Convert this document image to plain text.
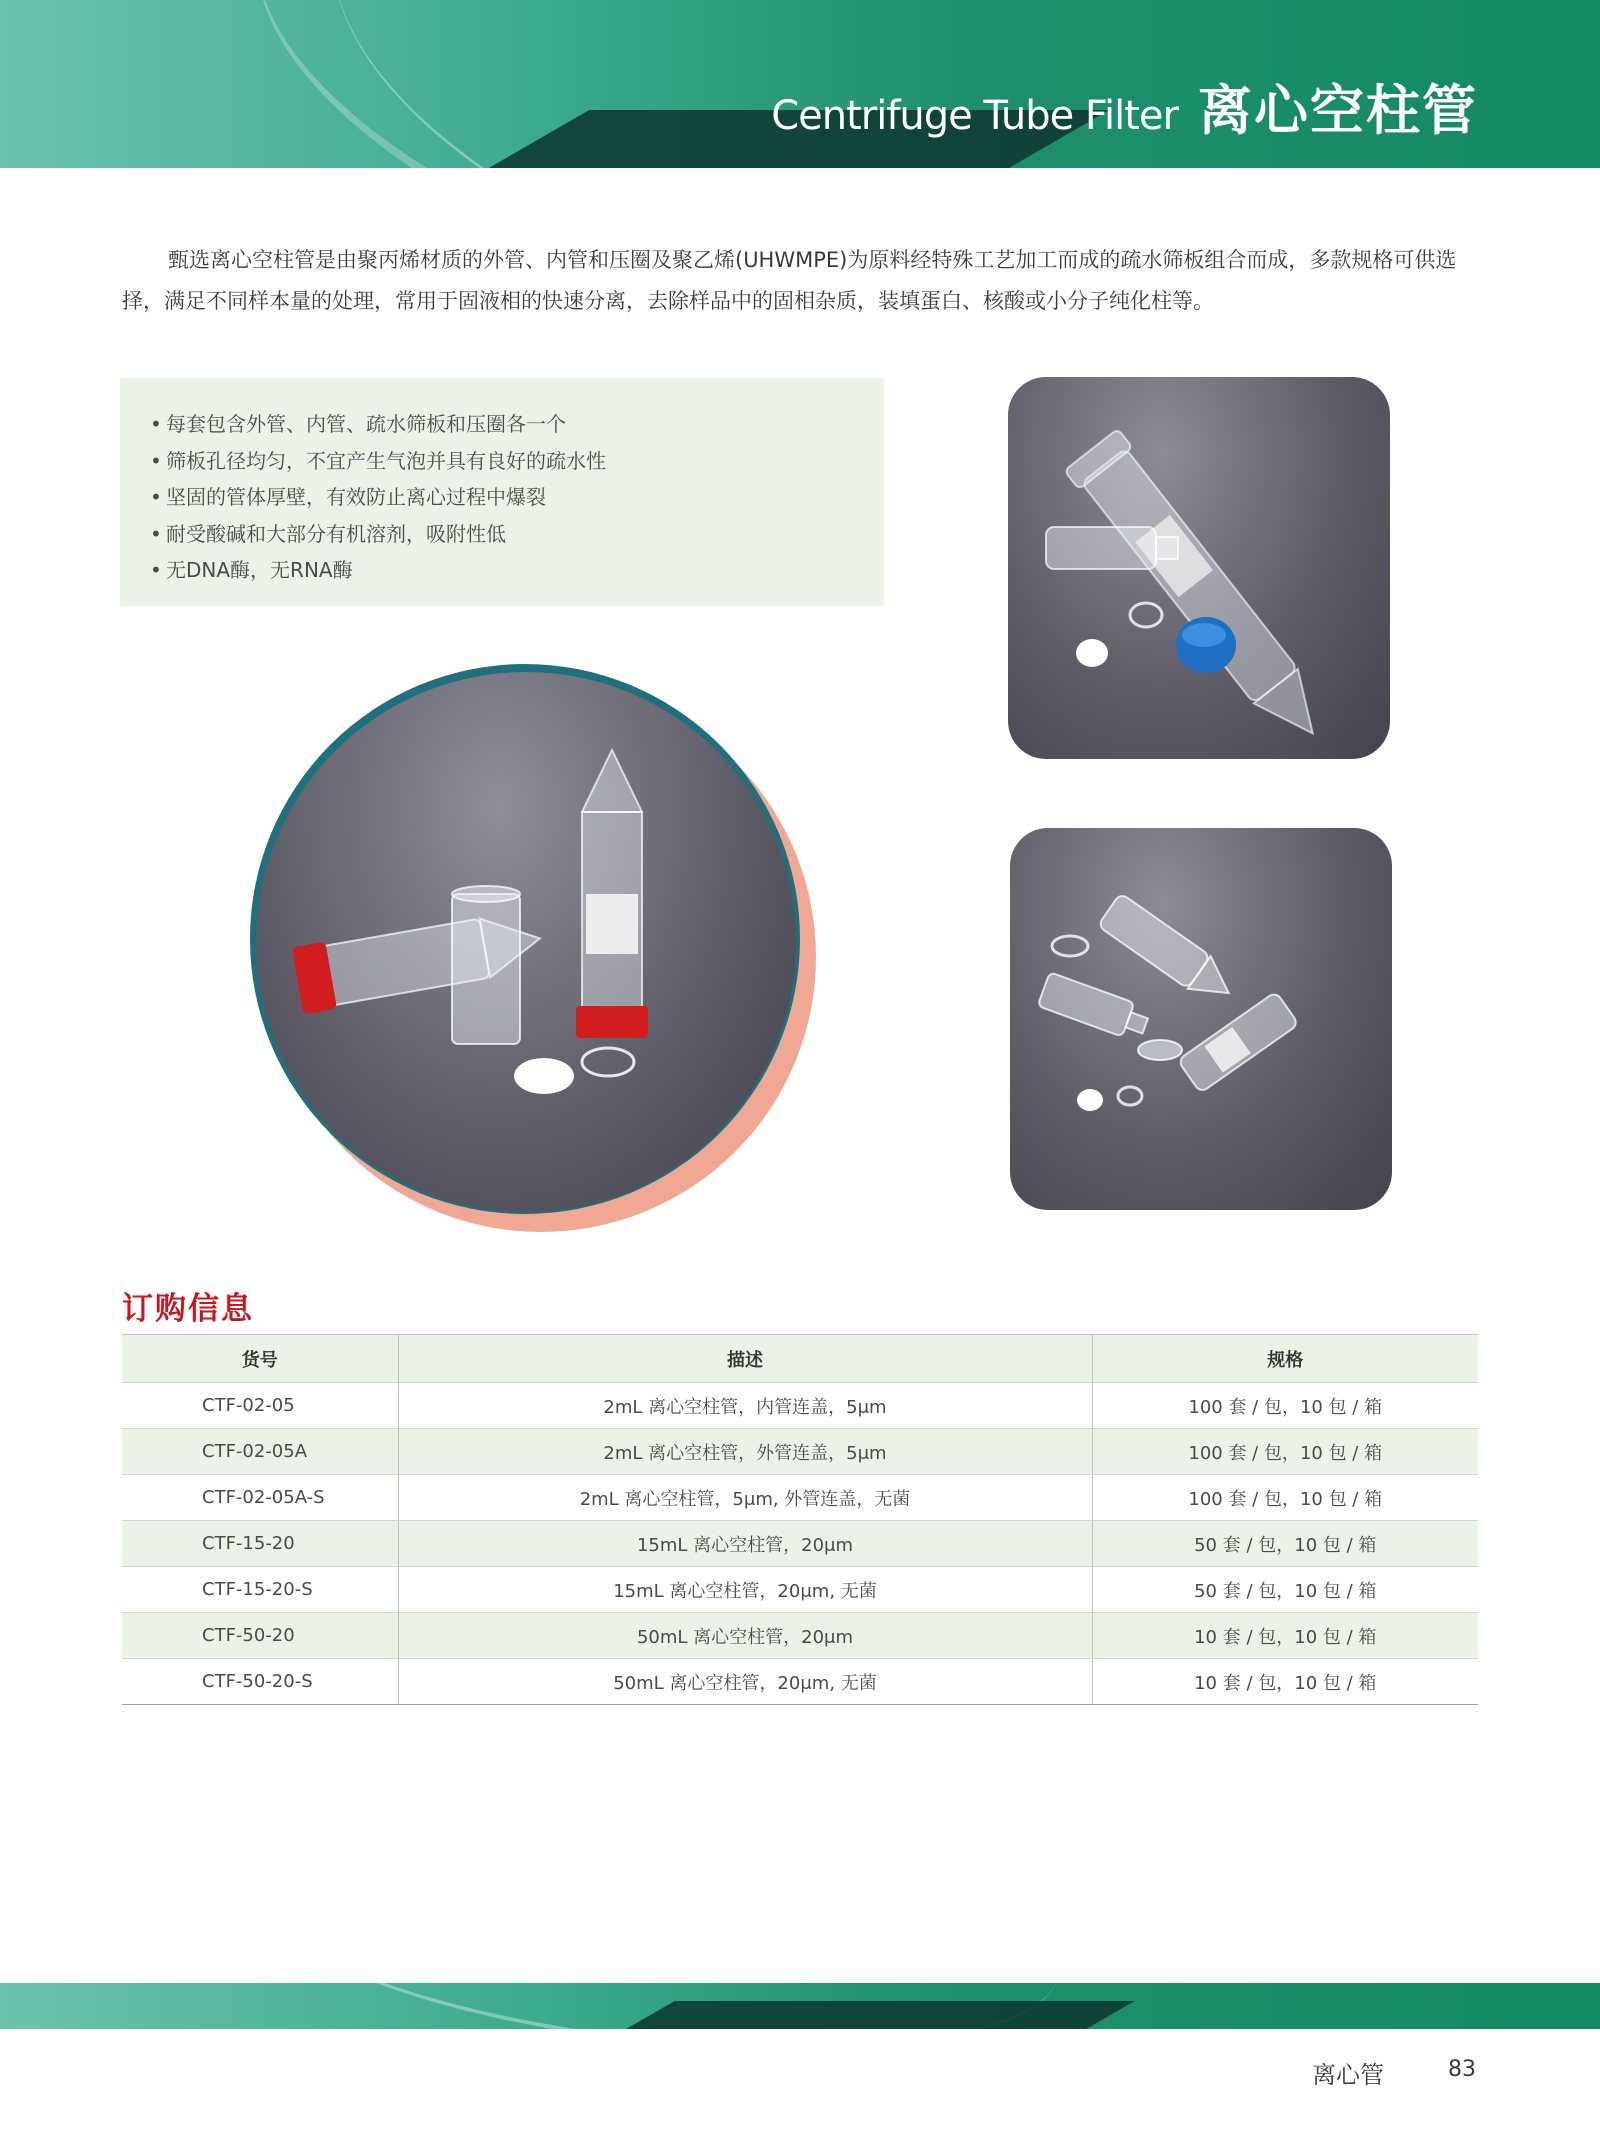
Centrifuge Tube Filter 离心空柱管

甄选离心空柱管是由聚丙烯材质的外管、内管和压圈及聚乙烯(UHWMPE)为原料经特殊工艺加工而成的疏水筛板组合而成，多款规格可供选择，满足不同样本量的处理，常用于固液相的快速分离，去除样品中的固相杂质，装填蛋白、核酸或小分子纯化柱等。

• 每套包含外管、内管、疏水筛板和压圈各一个
• 筛板孔径均匀，不宜产生气泡并具有良好的疏水性
• 坚固的管体厚壁，有效防止离心过程中爆裂
• 耐受酸碱和大部分有机溶剂，吸附性低
• 无DNA酶，无RNA酶
订购信息
货号	描述	规格
CTF-02-05	2mL 离心空柱管，内管连盖，5μm	100 套 / 包，10 包 / 箱
CTF-02-05A	2mL 离心空柱管，外管连盖，5μm	100 套 / 包，10 包 / 箱
CTF-02-05A-S	2mL 离心空柱管，5μm, 外管连盖，无菌	100 套 / 包，10 包 / 箱
CTF-15-20	15mL 离心空柱管，20μm	50 套 / 包，10 包 / 箱
CTF-15-20-S	15mL 离心空柱管，20μm, 无菌	50 套 / 包，10 包 / 箱
CTF-50-20	50mL 离心空柱管，20μm	10 套 / 包，10 包 / 箱
CTF-50-20-S	50mL 离心空柱管，20μm, 无菌	10 套 / 包，10 包 / 箱
离心管	83
